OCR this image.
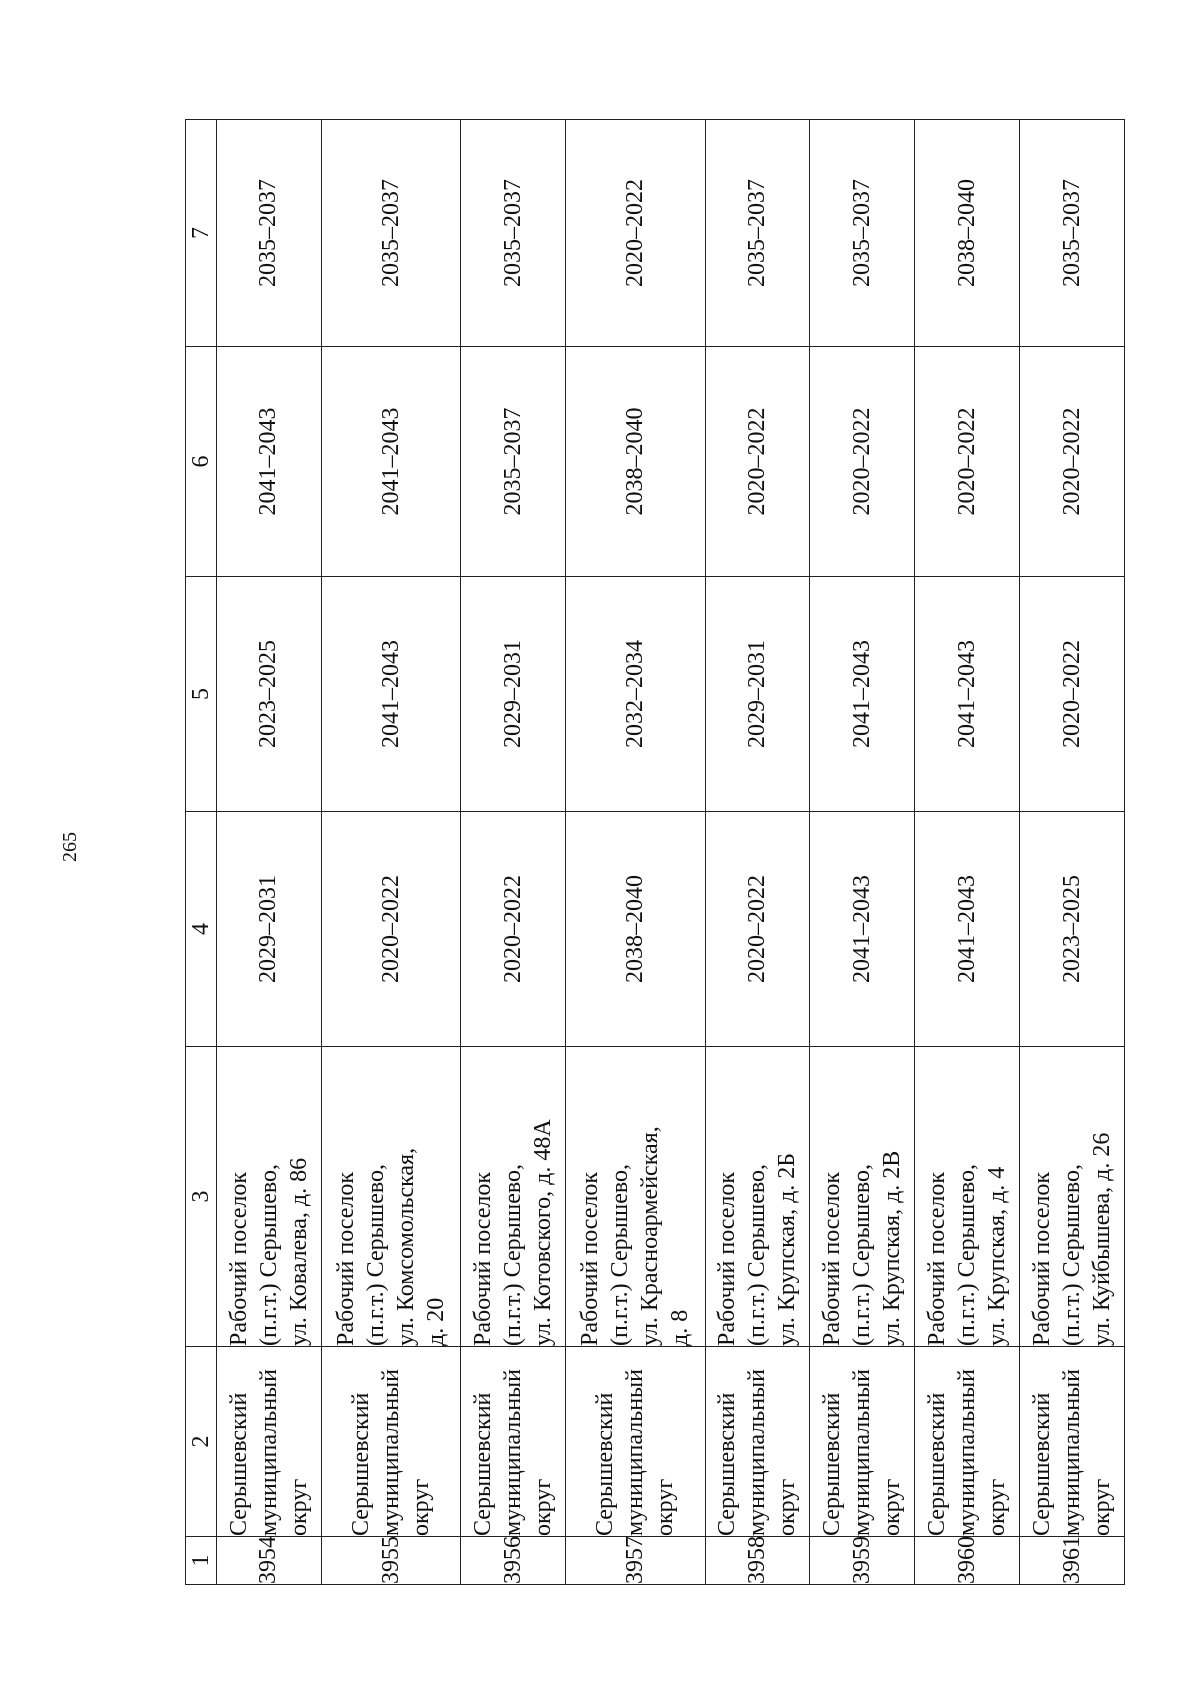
265
1	2	3	4	5	6	7
3954	Серышевский
муниципальный
округ	Рабочий поселок
(п.г.т.) Серышево,
ул. Ковалева, д. 86	2029–2031	2023–2025	2041–2043	2035–2037
3955	Серышевский
муниципальный
округ	Рабочий поселок
(п.г.т.) Серышево,
ул. Комсомольская,
д. 20	2020–2022	2041–2043	2041–2043	2035–2037
3956	Серышевский
муниципальный
округ	Рабочий поселок
(п.г.т.) Серышево,
ул. Котовского, д. 48А	2020–2022	2029–2031	2035–2037	2035–2037
3957	Серышевский
муниципальный
округ	Рабочий поселок
(п.г.т.) Серышево,
ул. Красноармейская,
д. 8	2038–2040	2032–2034	2038–2040	2020–2022
3958	Серышевский
муниципальный
округ	Рабочий поселок
(п.г.т.) Серышево,
ул. Крупская, д. 2Б	2020–2022	2029–2031	2020–2022	2035–2037
3959	Серышевский
муниципальный
округ	Рабочий поселок
(п.г.т.) Серышево,
ул. Крупская, д. 2В	2041–2043	2041–2043	2020–2022	2035–2037
3960	Серышевский
муниципальный
округ	Рабочий поселок
(п.г.т.) Серышево,
ул. Крупская, д. 4	2041–2043	2041–2043	2020–2022	2038–2040
3961	Серышевский
муниципальный
округ	Рабочий поселок
(п.г.т.) Серышево,
ул. Куйбышева, д. 26	2023–2025	2020–2022	2020–2022	2035–2037
